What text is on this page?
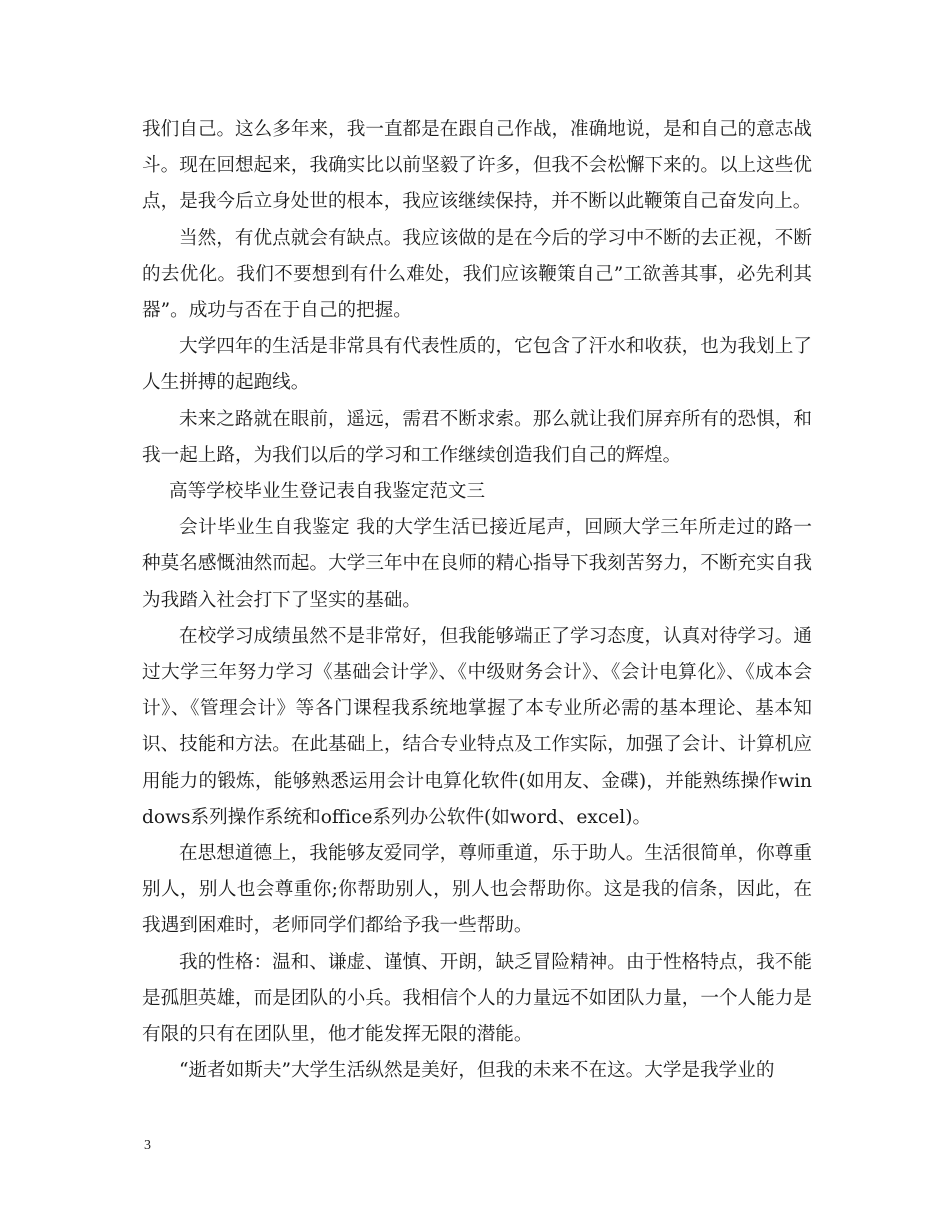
我们自己。这么多年来，我一直都是在跟自己作战，准确地说，是和自己的意志战斗。现在回想起来，我确实比以前坚毅了许多，但我不会松懈下来的。以上这些优点，是我今后立身处世的根本，我应该继续保持，并不断以此鞭策自己奋发向上。

当然，有优点就会有缺点。我应该做的是在今后的学习中不断的去正视，不断的去优化。我们不要想到有什么难处，我们应该鞭策自己”工欲善其事，必先利其器”。成功与否在于自己的把握。

大学四年的生活是非常具有代表性质的，它包含了汗水和收获，也为我划上了人生拼搏的起跑线。

未来之路就在眼前，遥远，需君不断求索。那么就让我们屏弃所有的恐惧，和我一起上路，为我们以后的学习和工作继续创造我们自己的辉煌。

高等学校毕业生登记表自我鉴定范文三

会计毕业生自我鉴定 我的大学生活已接近尾声，回顾大学三年所走过的路一种莫名感慨油然而起。大学三年中在良师的精心指导下我刻苦努力，不断充实自我为我踏入社会打下了坚实的基础。

在校学习成绩虽然不是非常好，但我能够端正了学习态度，认真对待学习。通过大学三年努力学习《基础会计学》、《中级财务会计》、《会计电算化》、《成本会计》、《管理会计》等各门课程我系统地掌握了本专业所必需的基本理论、基本知识、技能和方法。在此基础上，结合专业特点及工作实际，加强了会计、计算机应用能力的锻炼，能够熟悉运用会计电算化软件(如用友、金碟)，并能熟练操作windows系列操作系统和office系列办公软件(如word、excel)。

在思想道德上，我能够友爱同学，尊师重道，乐于助人。生活很简单，你尊重别人，别人也会尊重你;你帮助别人，别人也会帮助你。这是我的信条，因此，在我遇到困难时，老师同学们都给予我一些帮助。

我的性格：温和、谦虚、谨慎、开朗，缺乏冒险精神。由于性格特点，我不能是孤胆英雄，而是团队的小兵。我相信个人的力量远不如团队力量，一个人能力是有限的只有在团队里，他才能发挥无限的潜能。

“逝者如斯夫”大学生活纵然是美好，但我的未来不在这。大学是我学业的

3
